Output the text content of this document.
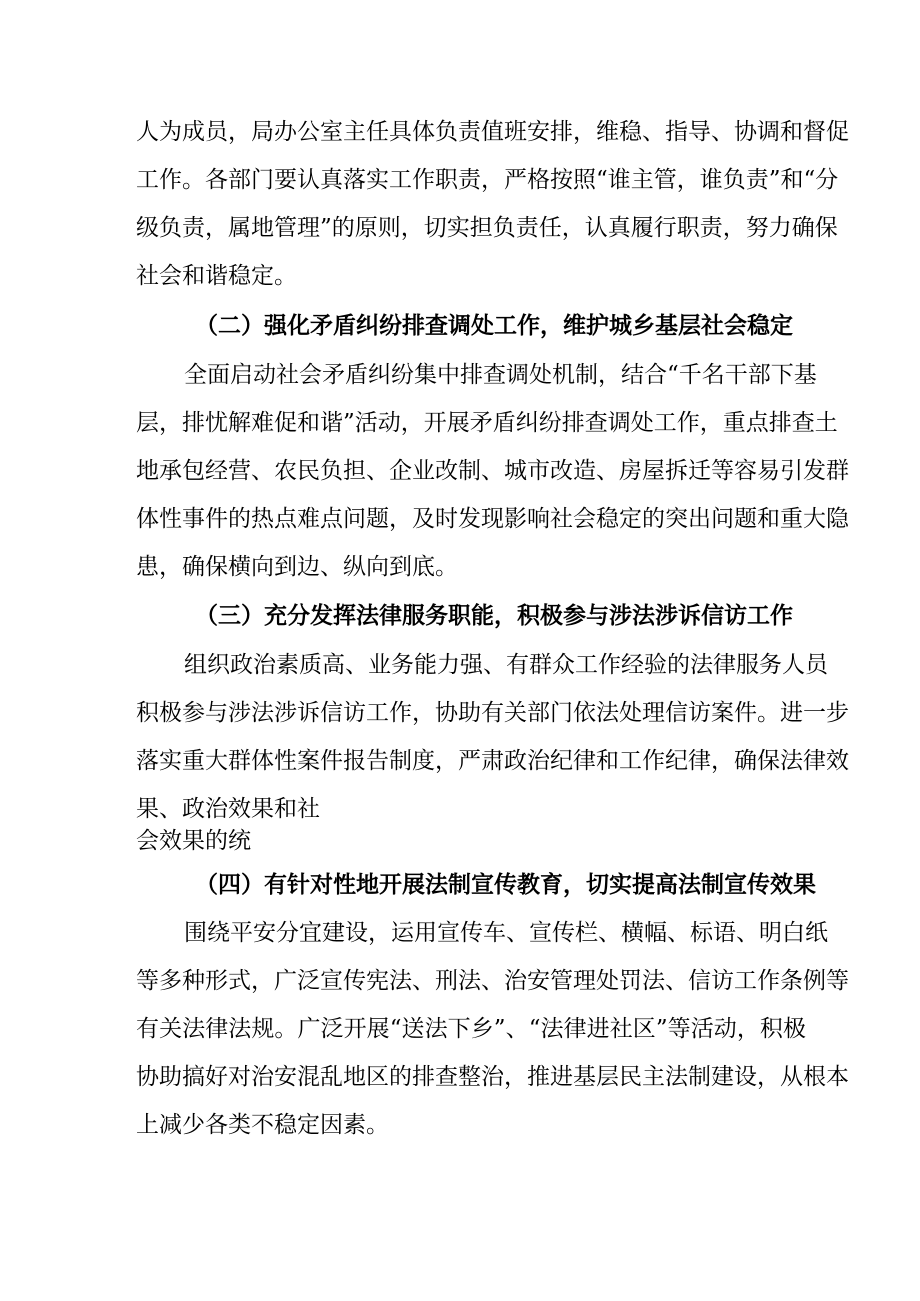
人为成员，局办公室主任具体负责值班安排，维稳、指导、协调和督促
工作。各部门要认真落实工作职责，严格按照“谁主管，谁负责”和“分
级负责，属地管理”的原则，切实担负责任，认真履行职责，努力确保
社会和谐稳定。
（二）强化矛盾纠纷排查调处工作，维护城乡基层社会稳定
全面启动社会矛盾纠纷集中排查调处机制，结合“千名干部下基
层，排忧解难促和谐”活动，开展矛盾纠纷排查调处工作，重点排查土
地承包经营、农民负担、企业改制、城市改造、房屋拆迁等容易引发群
体性事件的热点难点问题，及时发现影响社会稳定的突出问题和重大隐
患，确保横向到边、纵向到底。
（三）充分发挥法律服务职能，积极参与涉法涉诉信访工作
组织政治素质高、业务能力强、有群众工作经验的法律服务人员
积极参与涉法涉诉信访工作，协助有关部门依法处理信访案件。进一步
落实重大群体性案件报告制度，严肃政治纪律和工作纪律，确保法律效
果、政治效果和社
会效果的统
（四）有针对性地开展法制宣传教育，切实提高法制宣传效果
围绕平安分宜建设，运用宣传车、宣传栏、横幅、标语、明白纸
等多种形式，广泛宣传宪法、刑法、治安管理处罚法、信访工作条例等
有关法律法规。广泛开展“送法下乡”、“法律进社区”等活动，积极
协助搞好对治安混乱地区的排查整治，推进基层民主法制建设，从根本
上减少各类不稳定因素。
